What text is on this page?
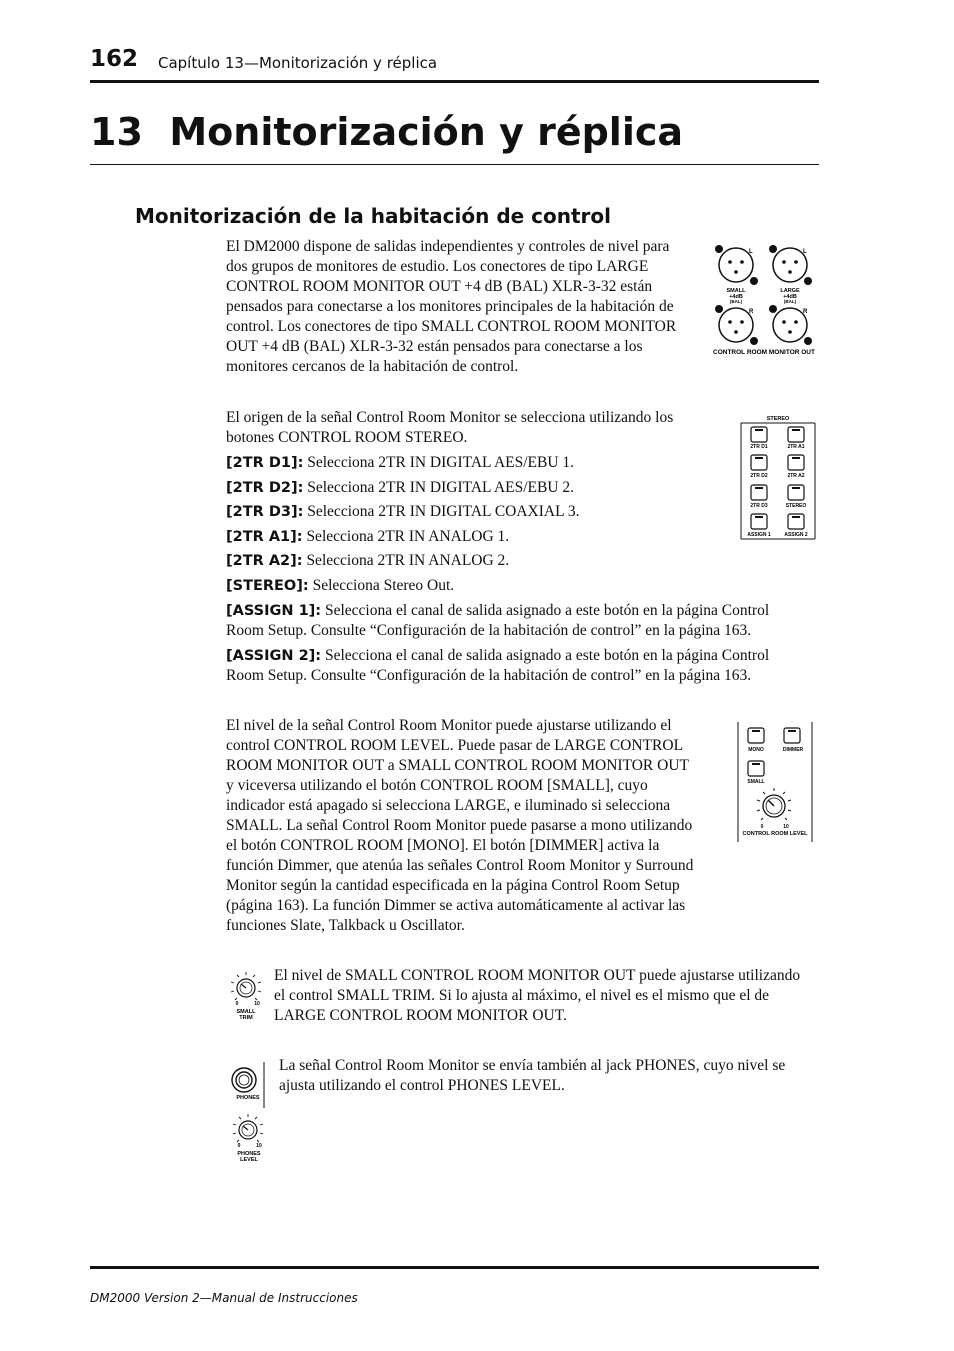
162 Capítulo 13—Monitorización y réplica
13  Monitorización y réplica
Monitorización de la habitación de control
El DM2000 dispone de salidas independientes y controles de nivel para
dos grupos de monitores de estudio. Los conectores de tipo LARGE
CONTROL ROOM MONITOR OUT +4 dB (BAL) XLR-3-32 están
pensados para conectarse a los monitores principales de la habitación de
control. Los conectores de tipo SMALL CONTROL ROOM MONITOR
OUT +4 dB (BAL) XLR-3-32 están pensados para conectarse a los
monitores cercanos de la habitación de control.
L	L
R	R
SMALL
+4dB
(BAL)
LARGE
+4dB
(BAL)
CONTROL ROOM MONITOR OUT
El origen de la señal Control Room Monitor se selecciona utilizando los
botones CONTROL ROOM STEREO.
STEREO
2TR D1	2TR A1
2TR D2	2TR A2
2TR D3	STEREO
ASSIGN 1	ASSIGN 2
[2TR D1]: Selecciona 2TR IN DIGITAL AES/EBU 1.
[2TR D2]: Selecciona 2TR IN DIGITAL AES/EBU 2.
[2TR D3]: Selecciona 2TR IN DIGITAL COAXIAL 3.
[2TR A1]: Selecciona 2TR IN ANALOG 1.
[2TR A2]: Selecciona 2TR IN ANALOG 2.
[STEREO]: Selecciona Stereo Out.
[ASSIGN 1]: Selecciona el canal de salida asignado a este botón en la página Control
Room Setup. Consulte “Configuración de la habitación de control” en la página 163.
[ASSIGN 2]: Selecciona el canal de salida asignado a este botón en la página Control
Room Setup. Consulte “Configuración de la habitación de control” en la página 163.
El nivel de la señal Control Room Monitor puede ajustarse utilizando el
control CONTROL ROOM LEVEL. Puede pasar de LARGE CONTROL
ROOM MONITOR OUT a SMALL CONTROL ROOM MONITOR OUT
y viceversa utilizando el botón CONTROL ROOM [SMALL], cuyo
indicador está apagado si selecciona LARGE, e iluminado si selecciona
SMALL. La señal Control Room Monitor puede pasarse a mono utilizando
el botón CONTROL ROOM [MONO]. El botón [DIMMER] activa la
función Dimmer, que atenúa las señales Control Room Monitor y Surround
Monitor según la cantidad especificada en la página Control Room Setup
(página 163). La función Dimmer se activa automáticamente al activar las
funciones Slate, Talkback u Oscillator.
MONO	DIMMER
SMALL
0	10
CONTROL ROOM LEVEL
0	10
SMALL
TRIM
El nivel de SMALL CONTROL ROOM MONITOR OUT puede ajustarse utilizando
el control SMALL TRIM. Si lo ajusta al máximo, el nivel es el mismo que el de
LARGE CONTROL ROOM MONITOR OUT.
PHONES
0	10
PHONES
LEVEL
La señal Control Room Monitor se envía también al jack PHONES, cuyo nivel se
ajusta utilizando el control PHONES LEVEL.
DM2000 Version 2—Manual de Instrucciones
